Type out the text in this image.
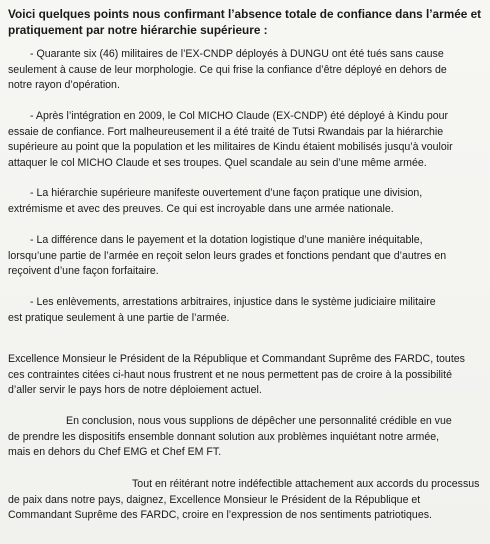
Voici quelques points nous confirmant l’absence totale de confiance dans l’armée et
pratiquement par notre hiérarchie supérieure :
- Quarante six (46) militaires de l’EX-CNDP déployés à DUNGU ont été tués sans cause
seulement à cause de leur morphologie. Ce qui frise la confiance d’être déployé en dehors de
notre rayon d’opération.
- Après l’intégration en 2009, le Col MICHO Claude (EX-CNDP) été déployé à Kindu pour
essaie de confiance. Fort malheureusement il a été traité de Tutsi Rwandais par la hiérarchie
supérieure au point que la population et les militaires de Kindu étaient mobilisés jusqu’à vouloir
attaquer le col MICHO Claude et ses troupes. Quel scandale au sein d’une même armée.
- La hiérarchie supérieure manifeste ouvertement d’une façon pratique une division,
extrémisme et avec des preuves. Ce qui est incroyable dans une armée nationale.
- La différence dans le payement et la dotation logistique d’une manière inéquitable,
lorsqu’une partie de l’armée en reçoit selon leurs grades et fonctions pendant que d’autres en
reçoivent d’une façon forfaitaire.
- Les enlèvements, arrestations arbitraires, injustice dans le système judiciaire militaire
est pratique seulement à une partie de l’armée.
Excellence Monsieur le Président de la République et Commandant Suprême des FARDC, toutes
ces contraintes citées ci-haut nous frustrent et ne nous permettent pas de croire à la possibilité
d’aller servir le pays hors de notre déploiement actuel.
En conclusion, nous vous supplions de dépêcher une personnalité crédible en vue
de prendre les dispositifs ensemble donnant solution aux problèmes inquiétant notre armée,
mais en dehors du Chef EMG et Chef EM FT.
Tout en réitérant notre indéfectible attachement aux accords du processus
de paix dans notre pays, daignez, Excellence Monsieur le Président de la République et
Commandant Suprême des FARDC, croire en l’expression de nos sentiments patriotiques.
